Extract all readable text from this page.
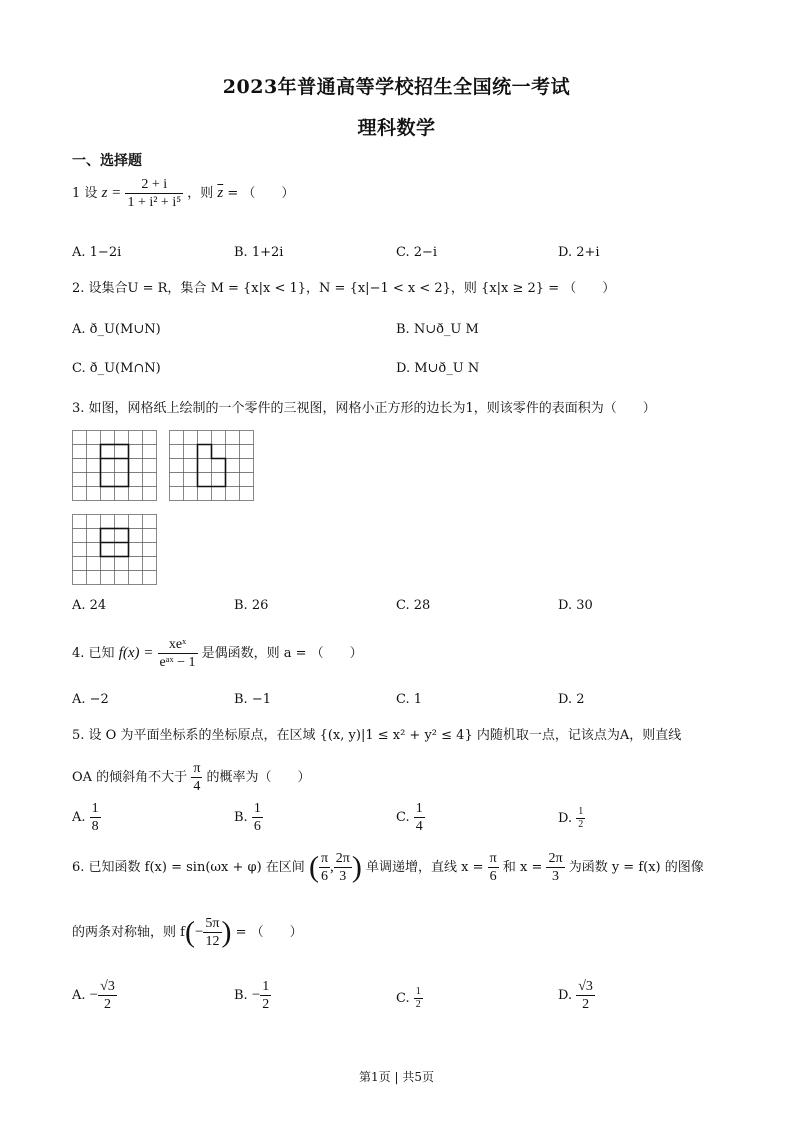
2023年普通高等学校招生全国统一考试
理科数学
一、选择题
1 设 $z = \frac{2 + i}{\text{1 + i² + i⁵}}$ ，则 $\overline{z}$ = （　　）
A. 1−2i	B. 1+2i	C. 2−i	D. 2+i
2. 设集合U = R，集合 M = {x|x < 1}，N = {x|−1 < x < 2}，则 {x|x ≥ 2} = （　　）
A. ð_U(M∪N)	B. N∪ð_U M
C. ð_U(M∩N)	D. M∪ð_U N
3. 如图，网格纸上绘制的一个零件的三视图，网格小正方形的边长为1，则该零件的表面积为（　　）
A. 24	B. 26	C. 28	D. 30
4. 已知 $f(x) = \frac{\text{xeˣ}}{\text{eᵃˣ − 1}}$ 是偶函数，则 a = （　　）
A. −2	B. −1	C. 1	D. 2
5. 设 O 为平面坐标系的坐标原点，在区域 {(x, y)|1 ≤ x² + y² ≤ 4} 内随机取一点，记该点为A，则直线
OA 的倾斜角不大于 $\frac{\pi}{4}$ 的概率为（　　）
A. $\frac{1}{8}$	B. $\frac{1}{6}$	C. $\frac{1}{4}$	D. $\frac{1}{2}$
6. 已知函数 f(x) = sin(ωx + φ) 在区间 ( $\frac{\pi}{6}$ , $\frac{2\pi}{3}$ ) 单调递增，直线 $x = \frac{\pi}{6}$ 和 $x = \frac{2\pi}{3}$ 为函数 y = f(x) 的图像
的两条对称轴，则 $f(- \frac{5\pi}{12}$ ) = （　　）
A. − $\frac{√3}{2}$	B. − $\frac{1}{2}$	C. $\frac{1}{2}$	D. $\frac{√3}{2}$
第1页 | 共5页
